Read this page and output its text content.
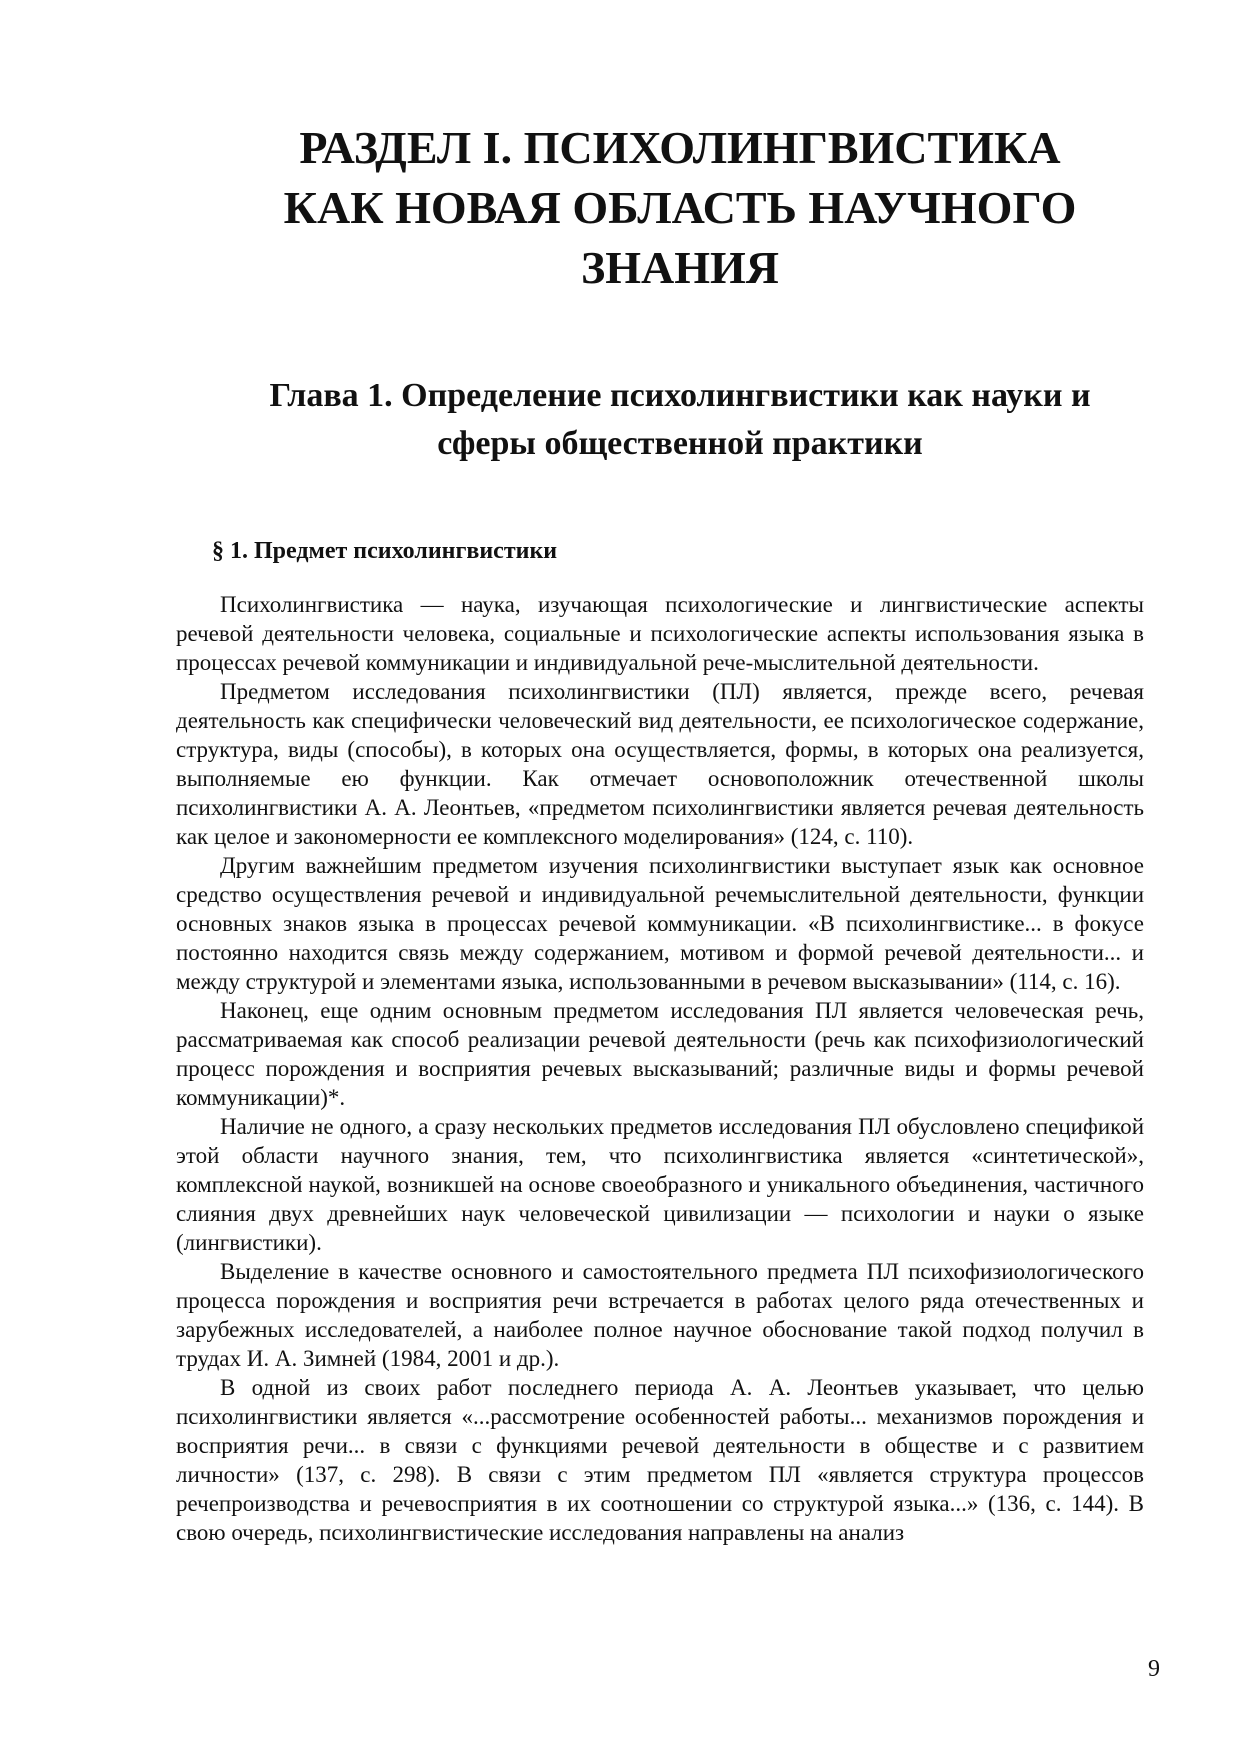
РАЗДЕЛ I. ПСИХОЛИНГВИСТИКА
КАК НОВАЯ ОБЛАСТЬ НАУЧНОГО
ЗНАНИЯ
Глава 1. Определение психолингвистики как науки и
сферы общественной практики
§ 1. Предмет психолингвистики

Психолингвистика — наука, изучающая психологические и лингвистические аспекты речевой деятельности человека, социальные и психологические аспекты использования языка в процессах речевой коммуникации и индивидуальной рече-мыслительной деятельности.

Предметом исследования психолингвистики (ПЛ) является, прежде всего, речевая деятельность как специфически человеческий вид деятельности, ее психологическое содержание, структура, виды (способы), в которых она осуществляется, формы, в которых она реализуется, выполняемые ею функции. Как отмечает основоположник отечественной школы психолингвистики А. А. Леонтьев, «предметом психолингвистики является речевая деятельность как целое и закономерности ее комплексного моделирования» (124, с. 110).

Другим важнейшим предметом изучения психолингвистики выступает язык как основное средство осуществления речевой и индивидуальной речемыслительной деятельности, функции основных знаков языка в процессах речевой коммуникации. «В психолингвистике... в фокусе постоянно находится связь между содержанием, мотивом и формой речевой деятельности... и между структурой и элементами языка, использованными в речевом высказывании» (114, с. 16).

Наконец, еще одним основным предметом исследования ПЛ является человеческая речь, рассматриваемая как способ реализации речевой деятельности (речь как психофизиологический процесс порождения и восприятия речевых высказываний; различные виды и формы речевой коммуникации)*.

Наличие не одного, а сразу нескольких предметов исследования ПЛ обусловлено спецификой этой области научного знания, тем, что психолингвистика является «синтетической», комплексной наукой, возникшей на основе своеобразного и уникального объединения, частичного слияния двух древнейших наук человеческой цивилизации — психологии и науки о языке (лингвистики).

Выделение в качестве основного и самостоятельного предмета ПЛ психофизиологического процесса порождения и восприятия речи встречается в работах целого ряда отечественных и зарубежных исследователей, а наиболее полное научное обоснование такой подход получил в трудах И. А. Зимней (1984, 2001 и др.).

В одной из своих работ последнего периода А. А. Леонтьев указывает, что целью психолингвистики является «...рассмотрение особенностей работы... механизмов порождения и восприятия речи... в связи с функциями речевой деятельности в обществе и с развитием личности» (137, с. 298). В связи с этим предметом ПЛ «является структура процессов речепроизводства и речевосприятия в их соотношении со структурой языка...» (136, с. 144). В свою очередь, психолингвистические исследования направлены на анализ

9
